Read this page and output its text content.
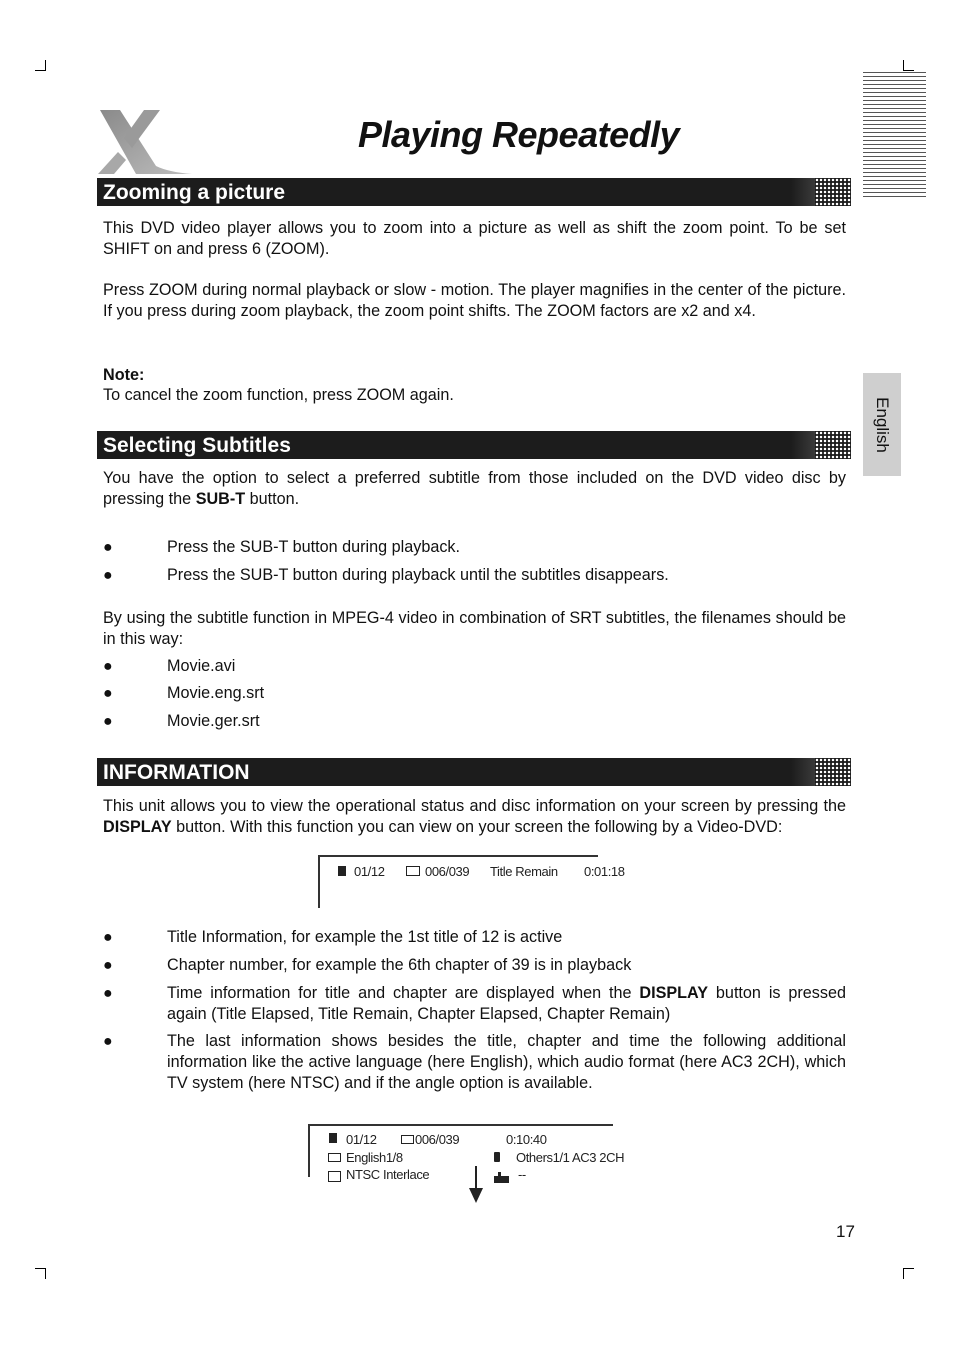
Playing Repeatedly
English
Zooming a picture
This DVD video player allows you to zoom into a picture as well as shift the zoom point. To be set SHIFT on and press 6 (ZOOM).
Press ZOOM during normal playback or slow - motion. The player magnifies in the center of the picture. If you press during zoom playback, the zoom point shifts. The ZOOM factors are x2 and x4.
Note:
To cancel the zoom function, press ZOOM again.
Selecting Subtitles
You have the option to select a preferred subtitle from those included on the DVD video disc by pressing the SUB-T button.
●	Press the SUB-T button during playback.
●	Press the SUB-T button during playback until the subtitles disappears.
By using the subtitle function in MPEG-4 video in combination of SRT subtitles, the filenames should be in this way:
●	Movie.avi
●	Movie.eng.srt
●	Movie.ger.srt
INFORMATION
This unit allows you to view the operational status and disc information on your screen by pressing the DISPLAY button. With this function you can view on your screen the following by a Video-DVD:
01/12	006/039 Title Remain 0:01:18
●	Title Information, for example the 1st title of 12 is active
●	Chapter number, for example the 6th chapter of 39 is in playback
●	Time information for title and chapter are displayed when the DISPLAY button is pressed again (Title Elapsed, Title Remain, Chapter Elapsed, Chapter Remain)
●	The last information shows besides the title, chapter and time the following additional information like the active language (here English), which audio format (here AC3 2CH), which TV system (here NTSC) and if the angle option is available.
01/12	006/039	0:10:40
English1/8	Others1/1 AC3 2CH
NTSC Interlace	--
17
